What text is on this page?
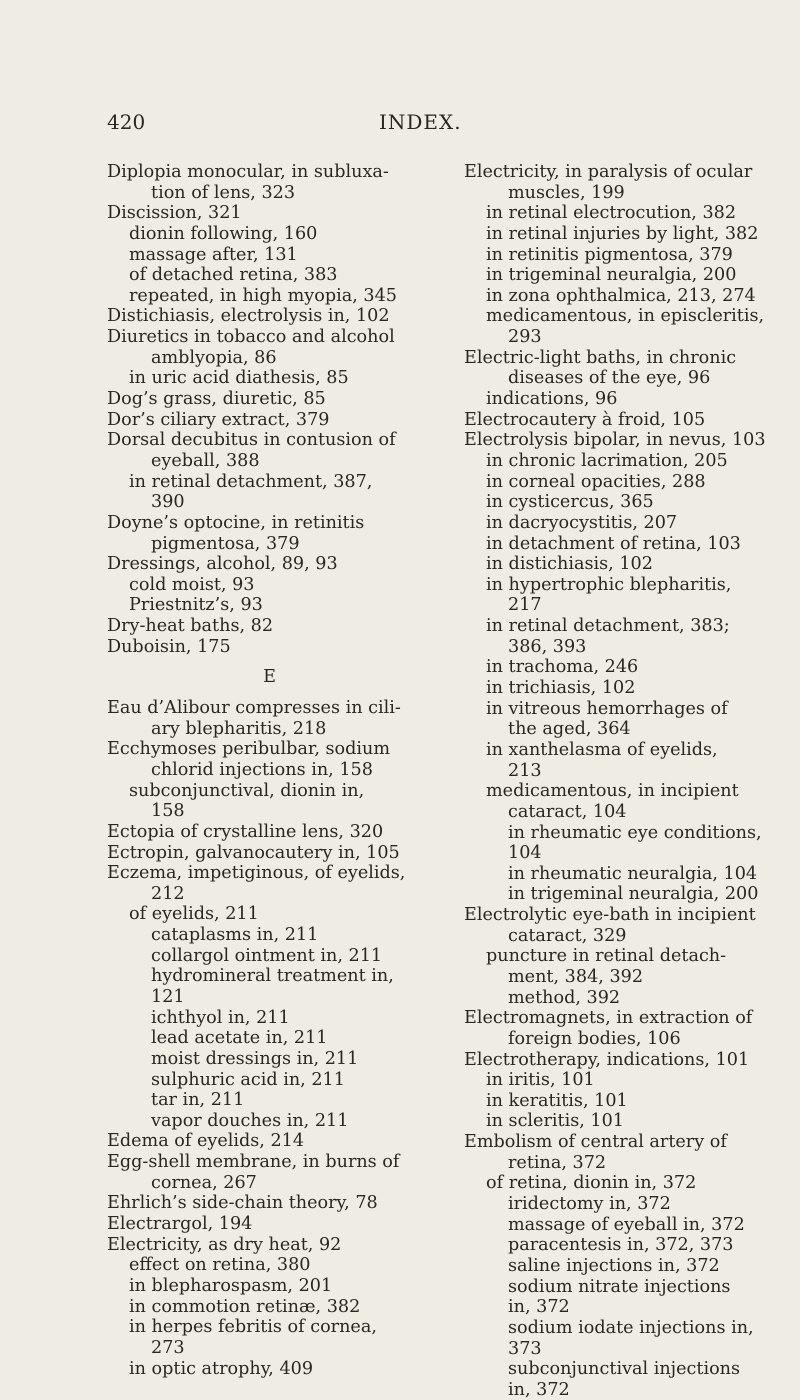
420	INDEX.
Diplopia monocular, in subluxa-
tion of lens, 323
Discission, 321
dionin following, 160
massage after, 131
of detached retina, 383
repeated, in high myopia, 345
Distichiasis, electrolysis in, 102
Diuretics in tobacco and alcohol
amblyopia, 86
in uric acid diathesis, 85
Dog’s grass, diuretic, 85
Dor’s ciliary extract, 379
Dorsal decubitus in contusion of
eyeball, 388
in retinal detachment, 387,
390
Doyne’s optocine, in retinitis
pigmentosa, 379
Dressings, alcohol, 89, 93
cold moist, 93
Priestnitz’s, 93
Dry-heat baths, 82
Duboisin, 175
E
Eau d’Alibour compresses in cili-
ary blepharitis, 218
Ecchymoses peribulbar, sodium
chlorid injections in, 158
subconjunctival, dionin in,
158
Ectopia of crystalline lens, 320
Ectropin, galvanocautery in, 105
Eczema, impetiginous, of eyelids,
212
of eyelids, 211
cataplasms in, 211
collargol ointment in, 211
hydromineral treatment in,
121
ichthyol in, 211
lead acetate in, 211
moist dressings in, 211
sulphuric acid in, 211
tar in, 211
vapor douches in, 211
Edema of eyelids, 214
Egg-shell membrane, in burns of
cornea, 267
Ehrlich’s side-chain theory, 78
Electrargol, 194
Electricity, as dry heat, 92
effect on retina, 380
in blepharospasm, 201
in commotion retinæ, 382
in herpes febritis of cornea,
273
in optic atrophy, 409
Electricity, in paralysis of ocular
muscles, 199
in retinal electrocution, 382
in retinal injuries by light, 382
in retinitis pigmentosa, 379
in trigeminal neuralgia, 200
in zona ophthalmica, 213, 274
medicamentous, in episcleritis,
293
Electric-light baths, in chronic
diseases of the eye, 96
indications, 96
Electrocautery à froid, 105
Electrolysis bipolar, in nevus, 103
in chronic lacrimation, 205
in corneal opacities, 288
in cysticercus, 365
in dacryocystitis, 207
in detachment of retina, 103
in distichiasis, 102
in hypertrophic blepharitis,
217
in retinal detachment, 383;
386, 393
in trachoma, 246
in trichiasis, 102
in vitreous hemorrhages of
the aged, 364
in xanthelasma of eyelids,
213
medicamentous, in incipient
cataract, 104
in rheumatic eye conditions,
104
in rheumatic neuralgia, 104
in trigeminal neuralgia, 200
Electrolytic eye-bath in incipient
cataract, 329
puncture in retinal detach-
ment, 384, 392
method, 392
Electromagnets, in extraction of
foreign bodies, 106
Electrotherapy, indications, 101
in iritis, 101
in keratitis, 101
in scleritis, 101
Embolism of central artery of
retina, 372
of retina, dionin in, 372
iridectomy in, 372
massage of eyeball in, 372
paracentesis in, 372, 373
saline injections in, 372
sodium nitrate injections
in, 372
sodium iodate injections in,
373
subconjunctival injections
in, 372
